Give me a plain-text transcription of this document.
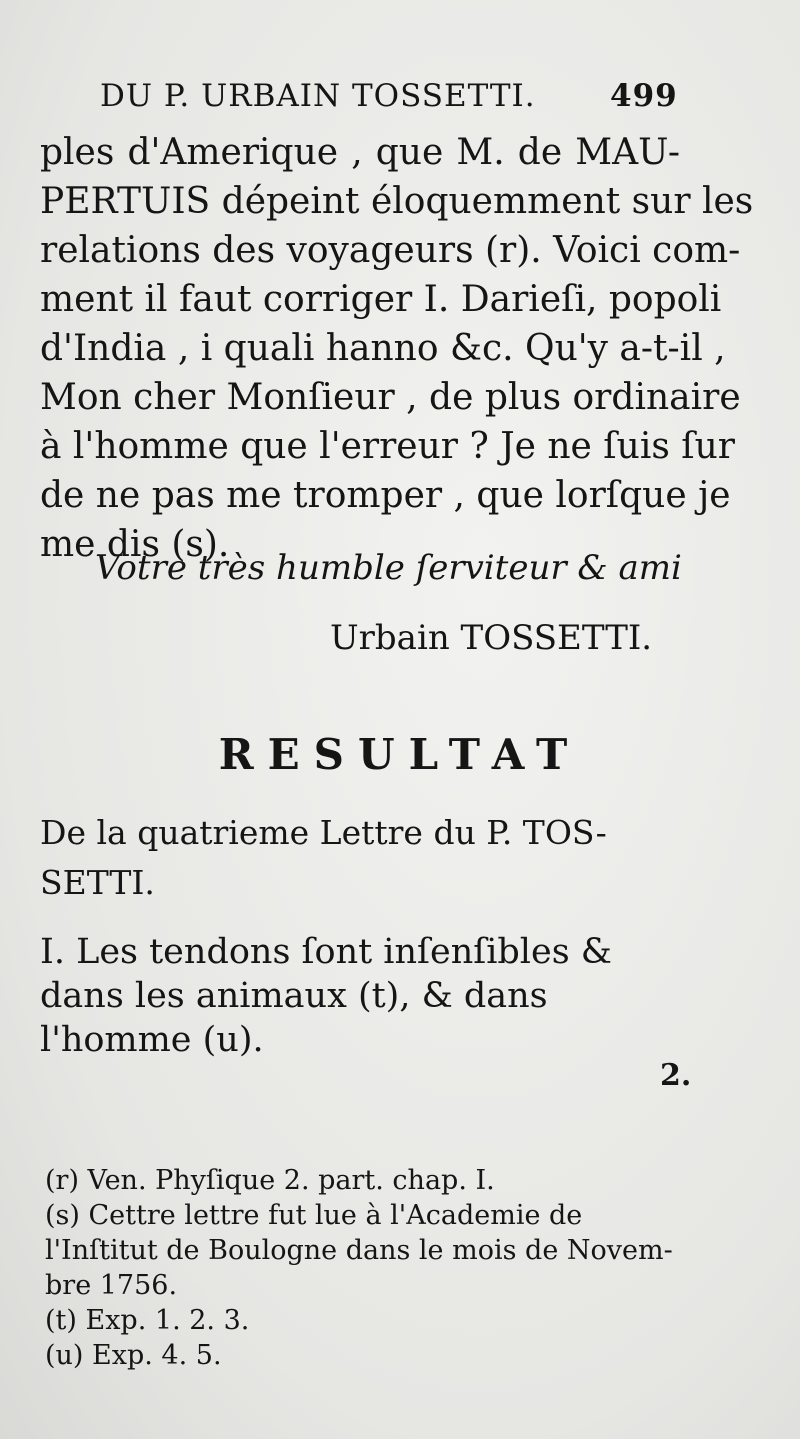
DU P. URBAIN TOSSETTI. 499
ples d'Amerique , que M. de MAU-
PERTUIS dépeint éloquemment sur les
relations des voyageurs (r). Voici com-
ment il faut corriger I. Darieſi, popoli
d'India , i quali hanno &c. Qu'y a-t-il ,
Mon cher Monſieur , de plus ordinaire
à l'homme que l'erreur ? Je ne ſuis ſur
de ne pas me tromper , que lorſque je
me dis (s).
Votre très humble ſerviteur & ami
Urbain TOSSETTI.
RESULTAT
De la quatrieme Lettre du P. TOS-SETTI.
I. Les tendons ſont inſenſibles & dans les animaux (t), & dans l'homme (u).
2.
(r) Ven. Phyſique 2. part. chap. I.
(s) Cettre lettre fut lue à l'Academie de
l'Inſtitut de Boulogne dans le mois de Novem-
bre 1756.
(t) Exp. 1. 2. 3.
(u) Exp. 4. 5.
